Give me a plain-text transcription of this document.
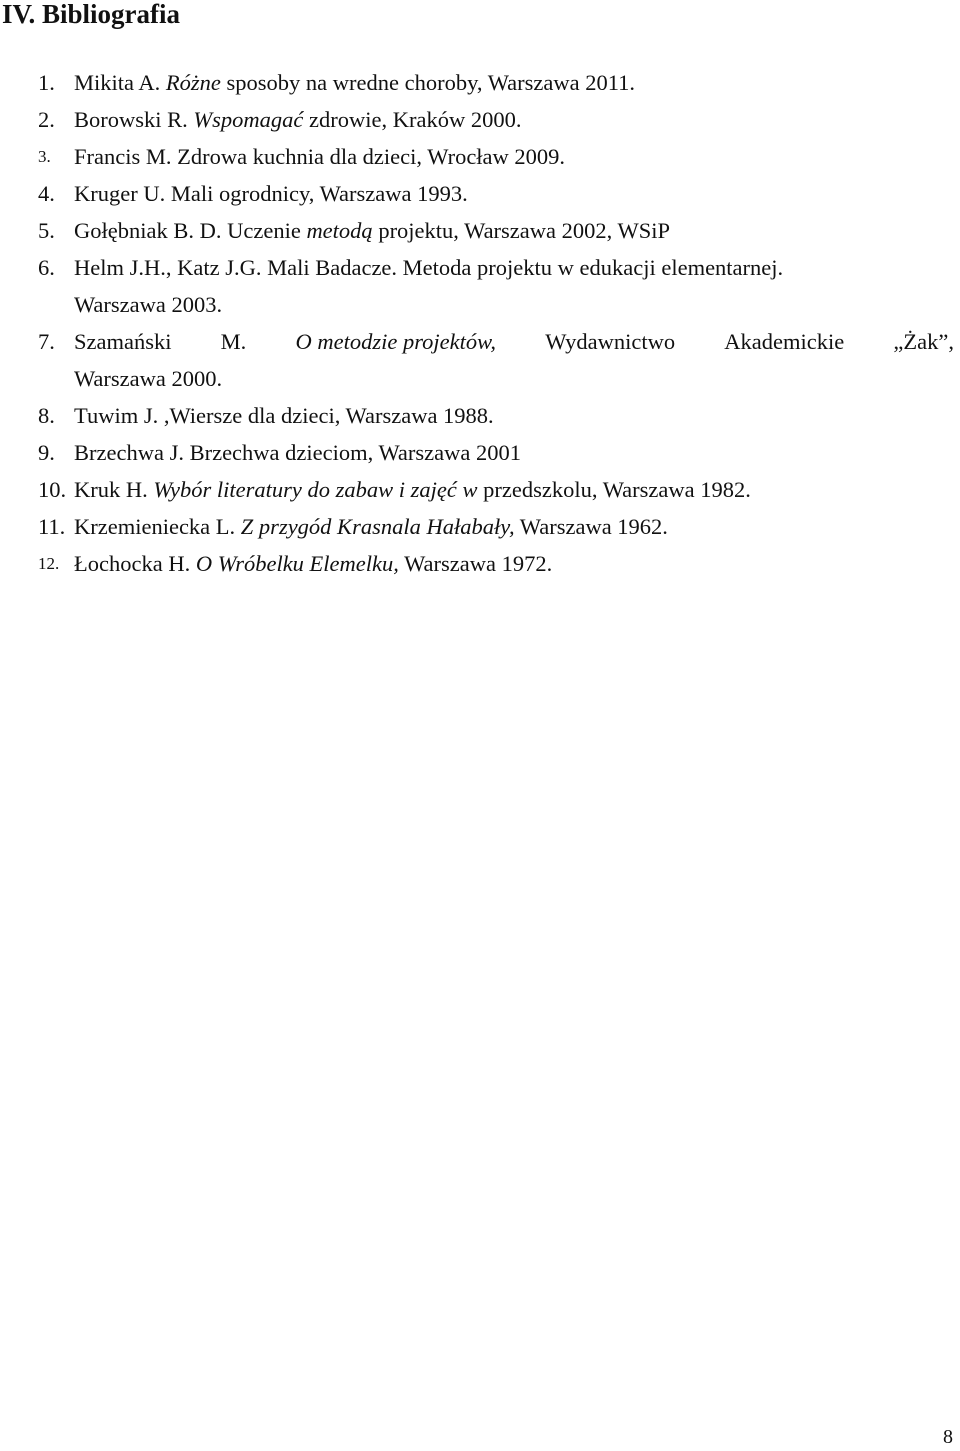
IV. Bibliografia
1. Mikita A. Różne sposoby na wredne choroby, Warszawa 2011.
2. Borowski R. Wspomagać zdrowie, Kraków 2000.
3.	Francis M. Zdrowa kuchnia dla dzieci, Wrocław 2009.
4. Kruger U. Mali ogrodnicy, Warszawa 1993.
5. Gołębniak B. D. Uczenie metodą projektu, Warszawa 2002, WSiP
6. Helm J.H., Katz J.G. Mali Badacze. Metoda projektu w edukacji elementarnej.
Warszawa 2003.
7. Szamański M. O metodzie projektów, Wydawnictwo Akademickie „Żak”,
Warszawa 2000.
8. Tuwim J. ,Wiersze dla dzieci, Warszawa 1988.
9. Brzechwa J. Brzechwa dzieciom, Warszawa 2001
10. Kruk H. Wybór literatury do zabaw i zajęć w przedszkolu, Warszawa 1982.
11. Krzemieniecka L. Z przygód Krasnala Hałabały, Warszawa 1962.
12. Łochocka H. O Wróbelku Elemelku, Warszawa 1972.
8
